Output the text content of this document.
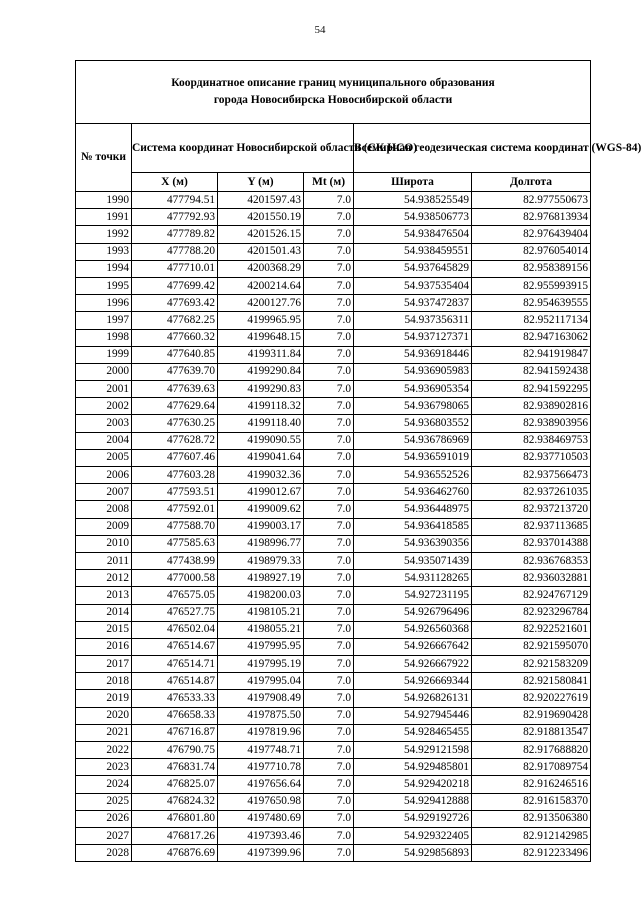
54
Координатное описание границ муниципального образования
города Новосибирска Новосибирской области					

№ точки	Система координат Новосибирской области (СК НСО)			Всемирная геодезическая система координат (WGS-84)	
	X (м)	Y (м)	Mt (м)	Широта	Долгота
1990	477794.51	4201597.43	7.0	54.938525549	82.977550673
1991	477792.93	4201550.19	7.0	54.938506773	82.976813934
1992	477789.82	4201526.15	7.0	54.938476504	82.976439404
1993	477788.20	4201501.43	7.0	54.938459551	82.976054014
1994	477710.01	4200368.29	7.0	54.937645829	82.958389156
1995	477699.42	4200214.64	7.0	54.937535404	82.955993915
1996	477693.42	4200127.76	7.0	54.937472837	82.954639555
1997	477682.25	4199965.95	7.0	54.937356311	82.952117134
1998	477660.32	4199648.15	7.0	54.937127371	82.947163062
1999	477640.85	4199311.84	7.0	54.936918446	82.941919847
2000	477639.70	4199290.84	7.0	54.936905983	82.941592438
2001	477639.63	4199290.83	7.0	54.936905354	82.941592295
2002	477629.64	4199118.32	7.0	54.936798065	82.938902816
2003	477630.25	4199118.40	7.0	54.936803552	82.938903956
2004	477628.72	4199090.55	7.0	54.936786969	82.938469753
2005	477607.46	4199041.64	7.0	54.936591019	82.937710503
2006	477603.28	4199032.36	7.0	54.936552526	82.937566473
2007	477593.51	4199012.67	7.0	54.936462760	82.937261035
2008	477592.01	4199009.62	7.0	54.936448975	82.937213720
2009	477588.70	4199003.17	7.0	54.936418585	82.937113685
2010	477585.63	4198996.77	7.0	54.936390356	82.937014388
2011	477438.99	4198979.33	7.0	54.935071439	82.936768353
2012	477000.58	4198927.19	7.0	54.931128265	82.936032881
2013	476575.05	4198200.03	7.0	54.927231195	82.924767129
2014	476527.75	4198105.21	7.0	54.926796496	82.923296784
2015	476502.04	4198055.21	7.0	54.926560368	82.922521601
2016	476514.67	4197995.95	7.0	54.926667642	82.921595070
2017	476514.71	4197995.19	7.0	54.926667922	82.921583209
2018	476514.87	4197995.04	7.0	54.926669344	82.921580841
2019	476533.33	4197908.49	7.0	54.926826131	82.920227619
2020	476658.33	4197875.50	7.0	54.927945446	82.919690428
2021	476716.87	4197819.96	7.0	54.928465455	82.918813547
2022	476790.75	4197748.71	7.0	54.929121598	82.917688820
2023	476831.74	4197710.78	7.0	54.929485801	82.917089754
2024	476825.07	4197656.64	7.0	54.929420218	82.916246516
2025	476824.32	4197650.98	7.0	54.929412888	82.916158370
2026	476801.80	4197480.69	7.0	54.929192726	82.913506380
2027	476817.26	4197393.46	7.0	54.929322405	82.912142985
2028	476876.69	4197399.96	7.0	54.929856893	82.912233496
